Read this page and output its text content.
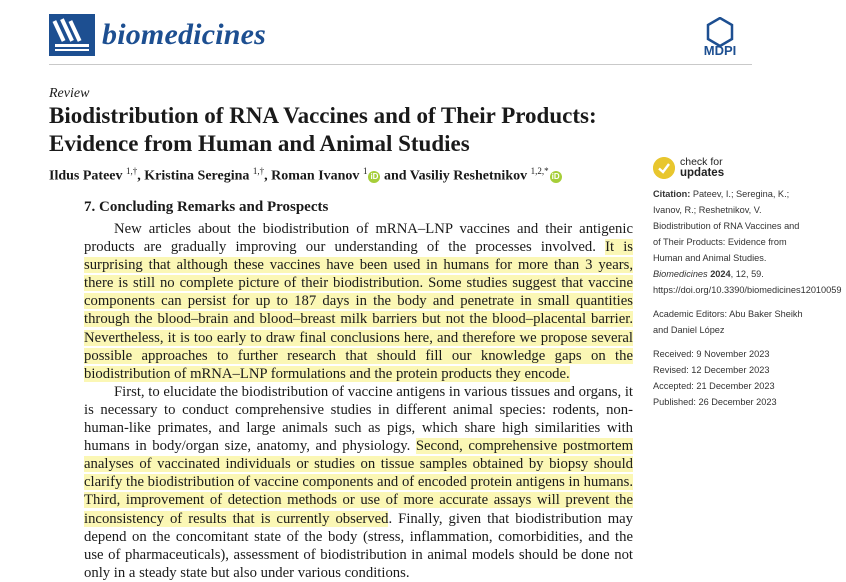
biomedicines	MDPI
Review
Biodistribution of RNA Vaccines and of Their Products:
Evidence from Human and Animal Studies
Ildus Pateev $^{1,\dagger}$, Kristina Seregina $^{1,\dagger}$, Roman Ivanov $^1$iD and Vasiliy Reshetnikov $^{1,2,*}$iD
7. Concluding Remarks and Prospects

New articles about the biodistribution of mRNA–LNP vaccines and their antigenic products are gradually improving our understanding of the processes involved. It is surprising that although these vaccines have been used in humans for more than 3 years, there is still no complete picture of their biodistribution. Some studies suggest that vaccine components can persist for up to 187 days in the body and penetrate in small quantities through the blood–brain and blood–breast milk barriers but not the blood–placental barrier. Nevertheless, it is too early to draw final conclusions here, and therefore we propose several possible approaches to further research that should fill our knowledge gaps on the biodistribution of mRNA–LNP formulations and the protein products they encode.

First, to elucidate the biodistribution of vaccine antigens in various tissues and organs, it is necessary to conduct comprehensive studies in different animal species: rodents, non-human-like primates, and large animals such as pigs, which share high similarities with humans in body/organ size, anatomy, and physiology. Second, comprehensive postmortem analyses of vaccinated individuals or studies on tissue samples obtained by biopsy should clarify the biodistribution of vaccine components and of encoded protein antigens in humans. Third, improvement of detection methods or use of more accurate assays will prevent the inconsistency of results that is currently observed. Finally, given that biodistribution may depend on the concomitant state of the body (stress, inflammation, comorbidities, and the use of pharmaceuticals), assessment of biodistribution in animal models should be done not only in a steady state but also under various conditions.

check for
updates

Citation: Pateev, I.; Seregina, K.; Ivanov, R.; Reshetnikov, V. Biodistribution of RNA Vaccines and of Their Products: Evidence from Human and Animal Studies. Biomedicines 2024, 12, 59. https://doi.org/10.3390/biomedicines12010059

Academic Editors: Abu Baker Sheikh and Daniel López

Received: 9 November 2023

Revised: 12 December 2023

Accepted: 21 December 2023

Published: 26 December 2023
